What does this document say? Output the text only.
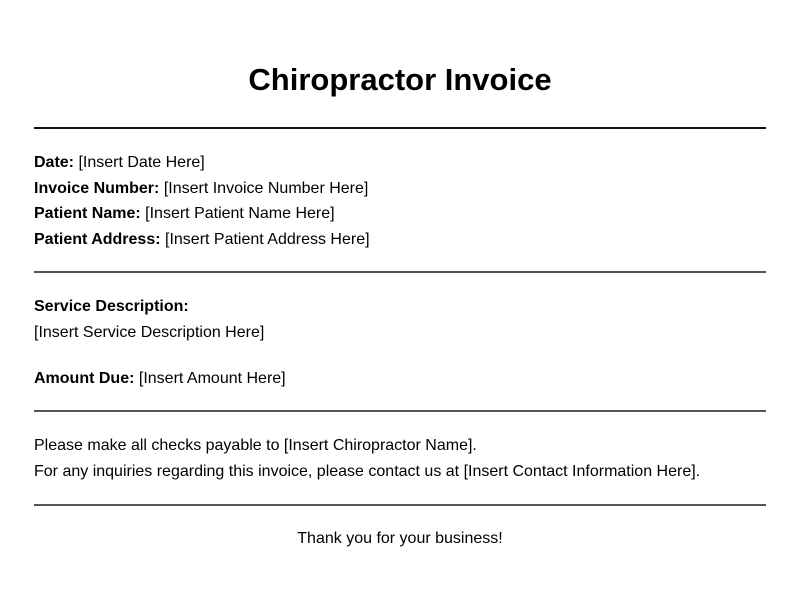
Chiropractor Invoice
Date: [Insert Date Here]
Invoice Number: [Insert Invoice Number Here]
Patient Name: [Insert Patient Name Here]
Patient Address: [Insert Patient Address Here]
Service Description:
[Insert Service Description Here]
Amount Due: [Insert Amount Here]
Please make all checks payable to [Insert Chiropractor Name].
For any inquiries regarding this invoice, please contact us at [Insert Contact Information Here].
Thank you for your business!
